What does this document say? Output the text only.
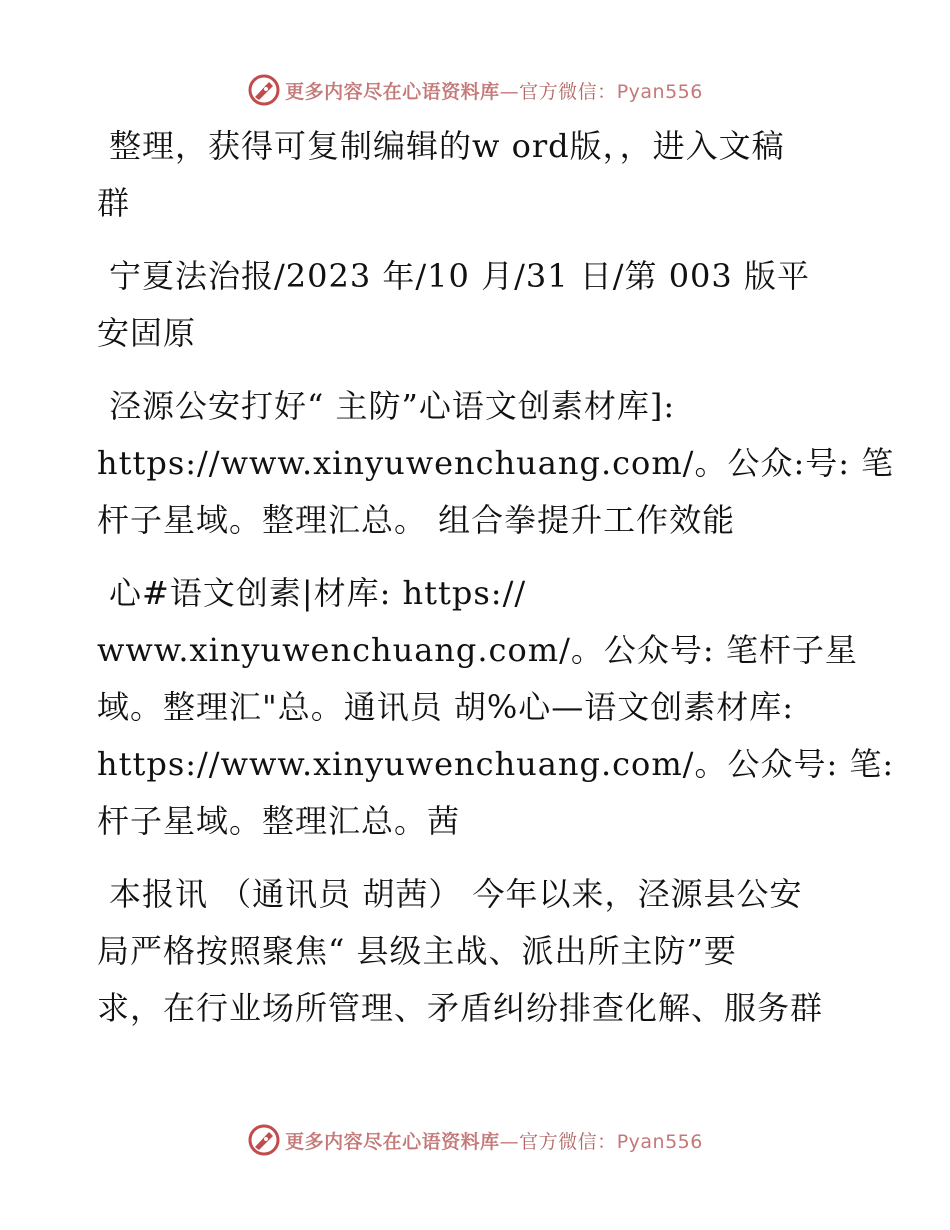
更多内容尽在心语资料库—官方微信：Pyan556

整理，获得可复制编辑的w ord版，，进入文稿
群

宁夏法治报/2023 年/10 月/31 日/第 003 版平
安固原

泾源公安打好“ 主防”心语文创素材库]:
https://www.xinyuwenchuang.com/。公众:号: 笔
杆子星域。整理汇总。 组合拳提升工作效能

心#语文创素|材库: https://
www.xinyuwenchuang.com/。公众号: 笔杆子星
域。整理汇"总。通讯员 胡%心—语文创素材库:
https://www.xinyuwenchuang.com/。公众号: 笔:
杆子星域。整理汇总。茜

本报讯 （通讯员 胡茜） 今年以来，泾源县公安
局严格按照聚焦“ 县级主战、派出所主防”要
求，在行业场所管理、矛盾纠纷排查化解、服务群

更多内容尽在心语资料库—官方微信：Pyan556
